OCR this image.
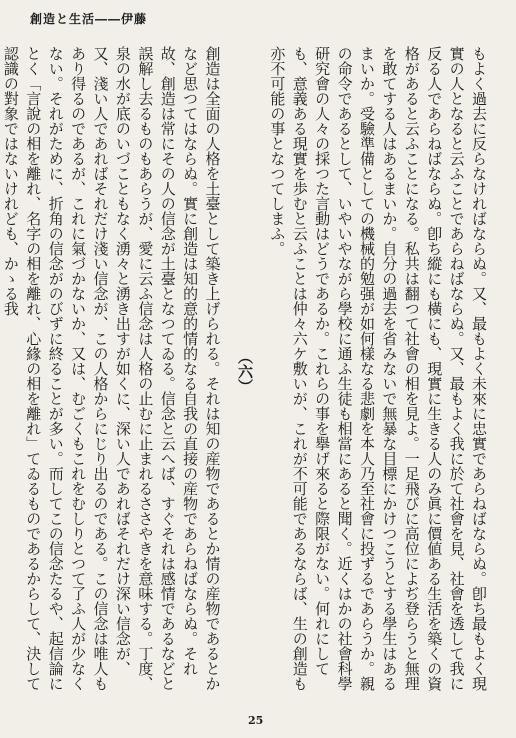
創造と生活――伊藤

もよく過去に反らなければならぬ。又、最もよく未來に忠實であらねばならぬ。卽ち最もよく現實の人となると云ふことであらねばならぬ。又、最もよく我に於て社會を見、社會を透して我に反る人であらねばならぬ。卽ち縱にも橫にも、現實に生きる人のみ眞に價値ある生活を築くの資格があると云ふことになる。私共は翻つて社會の相を見よ。一足飛びに高位によぢ登らうと無理を敢てする人はあるまいか。自分の過去を省みないで無暴な目標にかけつこうとする學生はあるまいか。受驗準備としての機械的勉强が如何樣なる悲劇を本人乃至社會に投ずるであらうか。親の命令であるとして、いやいやながら學校に通ふ生徒も相當にあると聞く。近くはかの社會科學研究會の人々の採つた言動はどうであるか。これらの事を擧げ來ると際限がない。何れにしても、意義ある現實を歩むと云ふことは仲々六ケ敷いが、これが不可能であるならば、生の創造も亦不可能の事となつてしまふ。

（六）

創造は全面の人格を土臺として築き上げられる。それは知の産物であるとか情の産物であるとかなど思つてはならぬ。實に創造は知的意的情的なる自我の直接の産物であらねばならぬ。それ故、創造は常にその人の信念が土臺となつてゐる。信念と云へば、すぐそれは感情であるなどと誤解し去るものもあらうが、愛に云ふ信念は人格の止むに止まれるささやきを意味する。丁度、泉の水が底のいづこともなく湧々と湧き出すが如くに、深い人であればそれだけ深い信念が、又、淺い人であればそれだけ淺い信念が、この人格からにじり出るのである。この信念は唯人もあり得るのであるが、これに氣づかないか、又は、むごくもこれをむしりとつて了ふ人が少なくない。それがために、折角の信念がのびずに終ることが多い。而してこの信念たるや、起信論にとく「言說の相を離れ、名字の相を離れ、心緣の相を離れ」てゐるものであるからして、決して認識の對象ではないけれども、かゝる我

25
